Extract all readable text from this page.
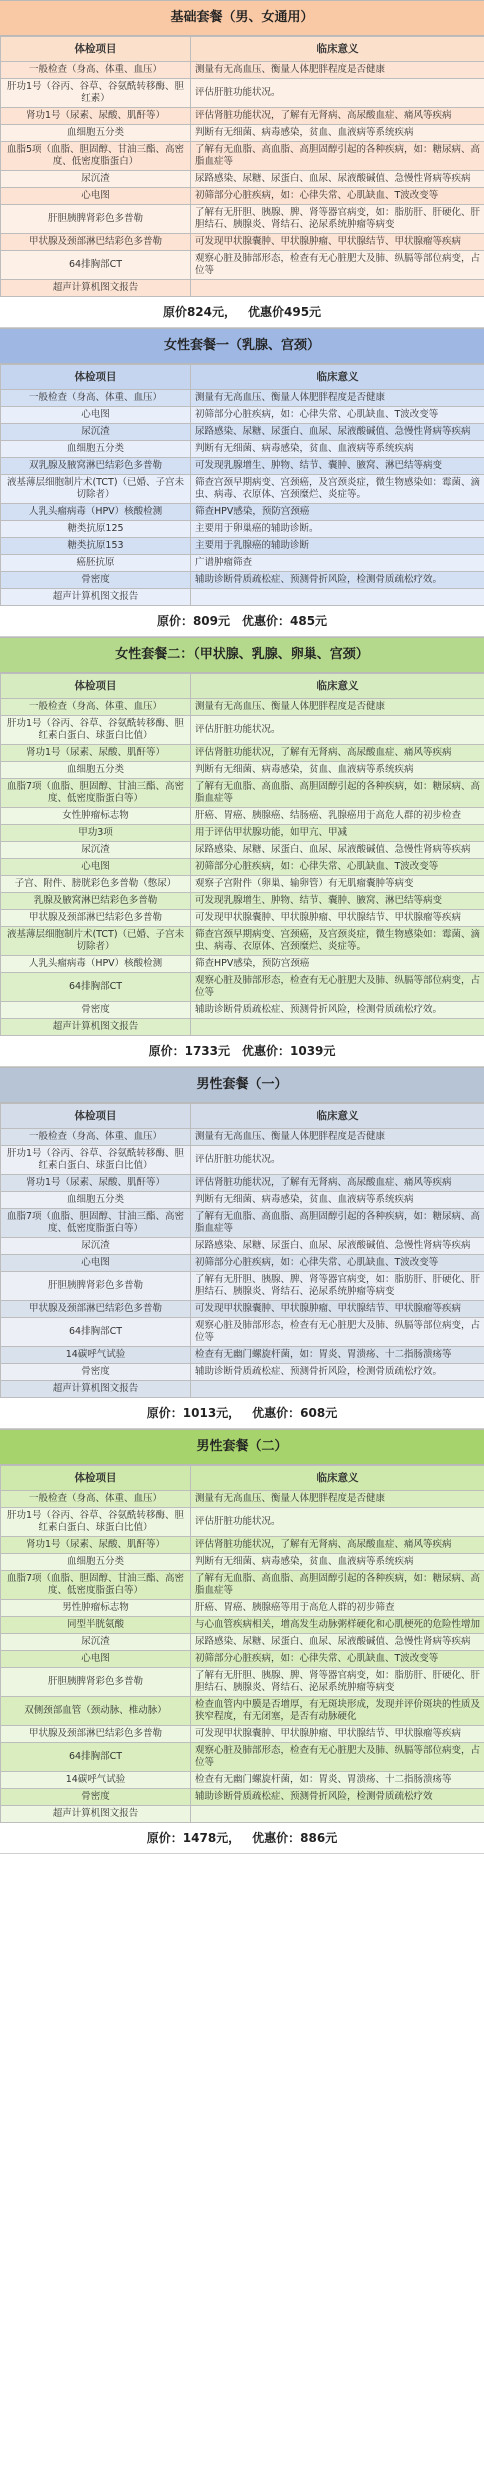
基础套餐（男、女通用）
体检项目	临床意义
一般检查（身高、体重、血压）	测量有无高血压、衡量人体肥胖程度是否健康
肝功1号（谷丙、谷草、谷氨酰转移酶、胆红素）	评估肝脏功能状况。
肾功1号（尿素、尿酸、肌酐等）	评估肾脏功能状况，了解有无肾病、高尿酸血症、痛风等疾病
血细胞五分类	判断有无细菌、病毒感染，贫血、血液病等系统疾病
血脂5项（血脂、胆固醇、甘油三酯、高密度、低密度脂蛋白）	了解有无血脂、高血脂、高胆固醇引起的各种疾病，如：糖尿病、高脂血症等
尿沉渣	尿路感染、尿糖、尿蛋白、血尿、尿液酸碱值、急慢性肾病等疾病
心电图	初筛部分心脏疾病，如：心律失常、心肌缺血、T波改变等
肝胆胰脾肾彩色多普勒	了解有无肝胆、胰腺、脾、肾等器官病变，如：脂肪肝、肝硬化、肝胆结石、胰腺炎、肾结石、泌尿系统肿瘤等病变
甲状腺及颈部淋巴结彩色多普勒	可发现甲状腺囊肿、甲状腺肿瘤、甲状腺结节、甲状腺瘤等疾病
64排胸部CT	观察心脏及肺部形态，检查有无心脏肥大及肺、纵膈等部位病变，占位等
超声计算机图文报告	
原价824元， 优惠价495元
女性套餐一（乳腺、宫颈）
体检项目	临床意义
一般检查（身高、体重、血压）	测量有无高血压、衡量人体肥胖程度是否健康
心电图	初筛部分心脏疾病，如：心律失常、心肌缺血、T波改变等
尿沉渣	尿路感染、尿糖、尿蛋白、血尿、尿液酸碱值、急慢性肾病等疾病
血细胞五分类	判断有无细菌、病毒感染，贫血、血液病等系统疾病
双乳腺及腋窝淋巴结彩色多普勒	可发现乳腺增生、肿物、结节、囊肿、腋窝、淋巴结等病变
液基薄层细胞制片术(TCT)（已婚、子宫未切除者）	筛查宫颈早期病变、宫颈癌，及宫颈炎症，微生物感染如：霉菌、滴虫、病毒、衣原体、宫颈糜烂、炎症等。
人乳头瘤病毒（HPV）核酸检测	筛查HPV感染，预防宫颈癌
糖类抗原125	主要用于卵巢癌的辅助诊断。
糖类抗原153	主要用于乳腺癌的辅助诊断
癌胚抗原	广谱肿瘤筛查
骨密度	辅助诊断骨质疏松症、预测骨折风险，检测骨质疏松疗效。
超声计算机图文报告	
原价：809元 优惠价：485元
女性套餐二：（甲状腺、乳腺、卵巢、宫颈）
体检项目	临床意义
一般检查（身高、体重、血压）	测量有无高血压、衡量人体肥胖程度是否健康
肝功1号（谷丙、谷草、谷氨酰转移酶、胆红素白蛋白、球蛋白比值）	评估肝脏功能状况。
肾功1号（尿素、尿酸、肌酐等）	评估肾脏功能状况，了解有无肾病、高尿酸血症、痛风等疾病
血细胞五分类	判断有无细菌、病毒感染，贫血、血液病等系统疾病
血脂7项（血脂、胆固醇、甘油三酯、高密度、低密度脂蛋白等）	了解有无血脂、高血脂、高胆固醇引起的各种疾病，如：糖尿病、高脂血症等
女性肿瘤标志物	肝癌、胃癌、胰腺癌、结肠癌、乳腺癌用于高危人群的初步检查
甲功3项	用于评估甲状腺功能，如甲亢、甲减
尿沉渣	尿路感染、尿糖、尿蛋白、血尿、尿液酸碱值、急慢性肾病等疾病
心电图	初筛部分心脏疾病，如：心律失常、心肌缺血、T波改变等
子宫、附件、膀胱彩色多普勒（憋尿）	观察子宫附件（卵巢、输卵管）有无肌瘤囊肿等病变
乳腺及腋窝淋巴结彩色多普勒	可发现乳腺增生、肿物、结节、囊肿、腋窝、淋巴结等病变
甲状腺及颈部淋巴结彩色多普勒	可发现甲状腺囊肿、甲状腺肿瘤、甲状腺结节、甲状腺瘤等疾病
液基薄层细胞制片术(TCT)（已婚、子宫未切除者）	筛查宫颈早期病变、宫颈癌，及宫颈炎症，微生物感染如：霉菌、滴虫、病毒、衣原体、宫颈糜烂、炎症等。
人乳头瘤病毒（HPV）核酸检测	筛查HPV感染，预防宫颈癌
64排胸部CT	观察心脏及肺部形态，检查有无心脏肥大及肺、纵膈等部位病变，占位等
骨密度	辅助诊断骨质疏松症、预测骨折风险，检测骨质疏松疗效。
超声计算机图文报告	
原价：1733元 优惠价：1039元
男性套餐（一）
体检项目	临床意义
一般检查（身高、体重、血压）	测量有无高血压、衡量人体肥胖程度是否健康
肝功1号（谷丙、谷草、谷氨酰转移酶、胆红素白蛋白、球蛋白比值）	评估肝脏功能状况。
肾功1号（尿素、尿酸、肌酐等）	评估肾脏功能状况，了解有无肾病、高尿酸血症、痛风等疾病
血细胞五分类	判断有无细菌、病毒感染，贫血、血液病等系统疾病
血脂7项（血脂、胆固醇、甘油三酯、高密度、低密度脂蛋白等）	了解有无血脂、高血脂、高胆固醇引起的各种疾病，如：糖尿病、高脂血症等
尿沉渣	尿路感染、尿糖、尿蛋白、血尿、尿液酸碱值、急慢性肾病等疾病
心电图	初筛部分心脏疾病，如：心律失常、心肌缺血、T波改变等
肝胆胰脾肾彩色多普勒	了解有无肝胆、胰腺、脾、肾等器官病变，如：脂肪肝、肝硬化、肝胆结石、胰腺炎、肾结石、泌尿系统肿瘤等病变
甲状腺及颈部淋巴结彩色多普勒	可发现甲状腺囊肿、甲状腺肿瘤、甲状腺结节、甲状腺瘤等疾病
64排胸部CT	观察心脏及肺部形态，检查有无心脏肥大及肺、纵膈等部位病变，占位等
14碳呼气试验	检查有无幽门螺旋杆菌，如：胃炎、胃溃疡、十二指肠溃疡等
骨密度	辅助诊断骨质疏松症、预测骨折风险，检测骨质疏松疗效。
超声计算机图文报告	
原价：1013元， 优惠价：608元
男性套餐（二）
体检项目	临床意义
一般检查（身高、体重、血压）	测量有无高血压、衡量人体肥胖程度是否健康
肝功1号（谷丙、谷草、谷氨酰转移酶、胆红素白蛋白、球蛋白比值）	评估肝脏功能状况。
肾功1号（尿素、尿酸、肌酐等）	评估肾脏功能状况，了解有无肾病、高尿酸血症、痛风等疾病
血细胞五分类	判断有无细菌、病毒感染，贫血、血液病等系统疾病
血脂7项（血脂、胆固醇、甘油三酯、高密度、低密度脂蛋白等）	了解有无血脂、高血脂、高胆固醇引起的各种疾病，如：糖尿病、高脂血症等
男性肿瘤标志物	肝癌、胃癌、胰腺癌等用于高危人群的初步筛查
同型半胱氨酸	与心血管疾病相关，增高发生动脉粥样硬化和心肌梗死的危险性增加
尿沉渣	尿路感染、尿糖、尿蛋白、血尿、尿液酸碱值、急慢性肾病等疾病
心电图	初筛部分心脏疾病，如：心律失常、心肌缺血、T波改变等
肝胆胰脾肾彩色多普勒	了解有无肝胆、胰腺、脾、肾等器官病变，如：脂肪肝、肝硬化、肝胆结石、胰腺炎、肾结石、泌尿系统肿瘤等病变
双侧颈部血管（颈动脉、椎动脉）	检查血管内中膜是否增厚，有无斑块形成，发现并评价斑块的性质及狭窄程度，有无闭塞，是否有动脉硬化
甲状腺及颈部淋巴结彩色多普勒	可发现甲状腺囊肿、甲状腺肿瘤、甲状腺结节、甲状腺瘤等疾病
64排胸部CT	观察心脏及肺部形态，检查有无心脏肥大及肺、纵膈等部位病变，占位等
14碳呼气试验	检查有无幽门螺旋杆菌，如：胃炎、胃溃疡、十二指肠溃疡等
骨密度	辅助诊断骨质疏松症、预测骨折风险，检测骨质疏松疗效
超声计算机图文报告	
原价：1478元， 优惠价：886元
